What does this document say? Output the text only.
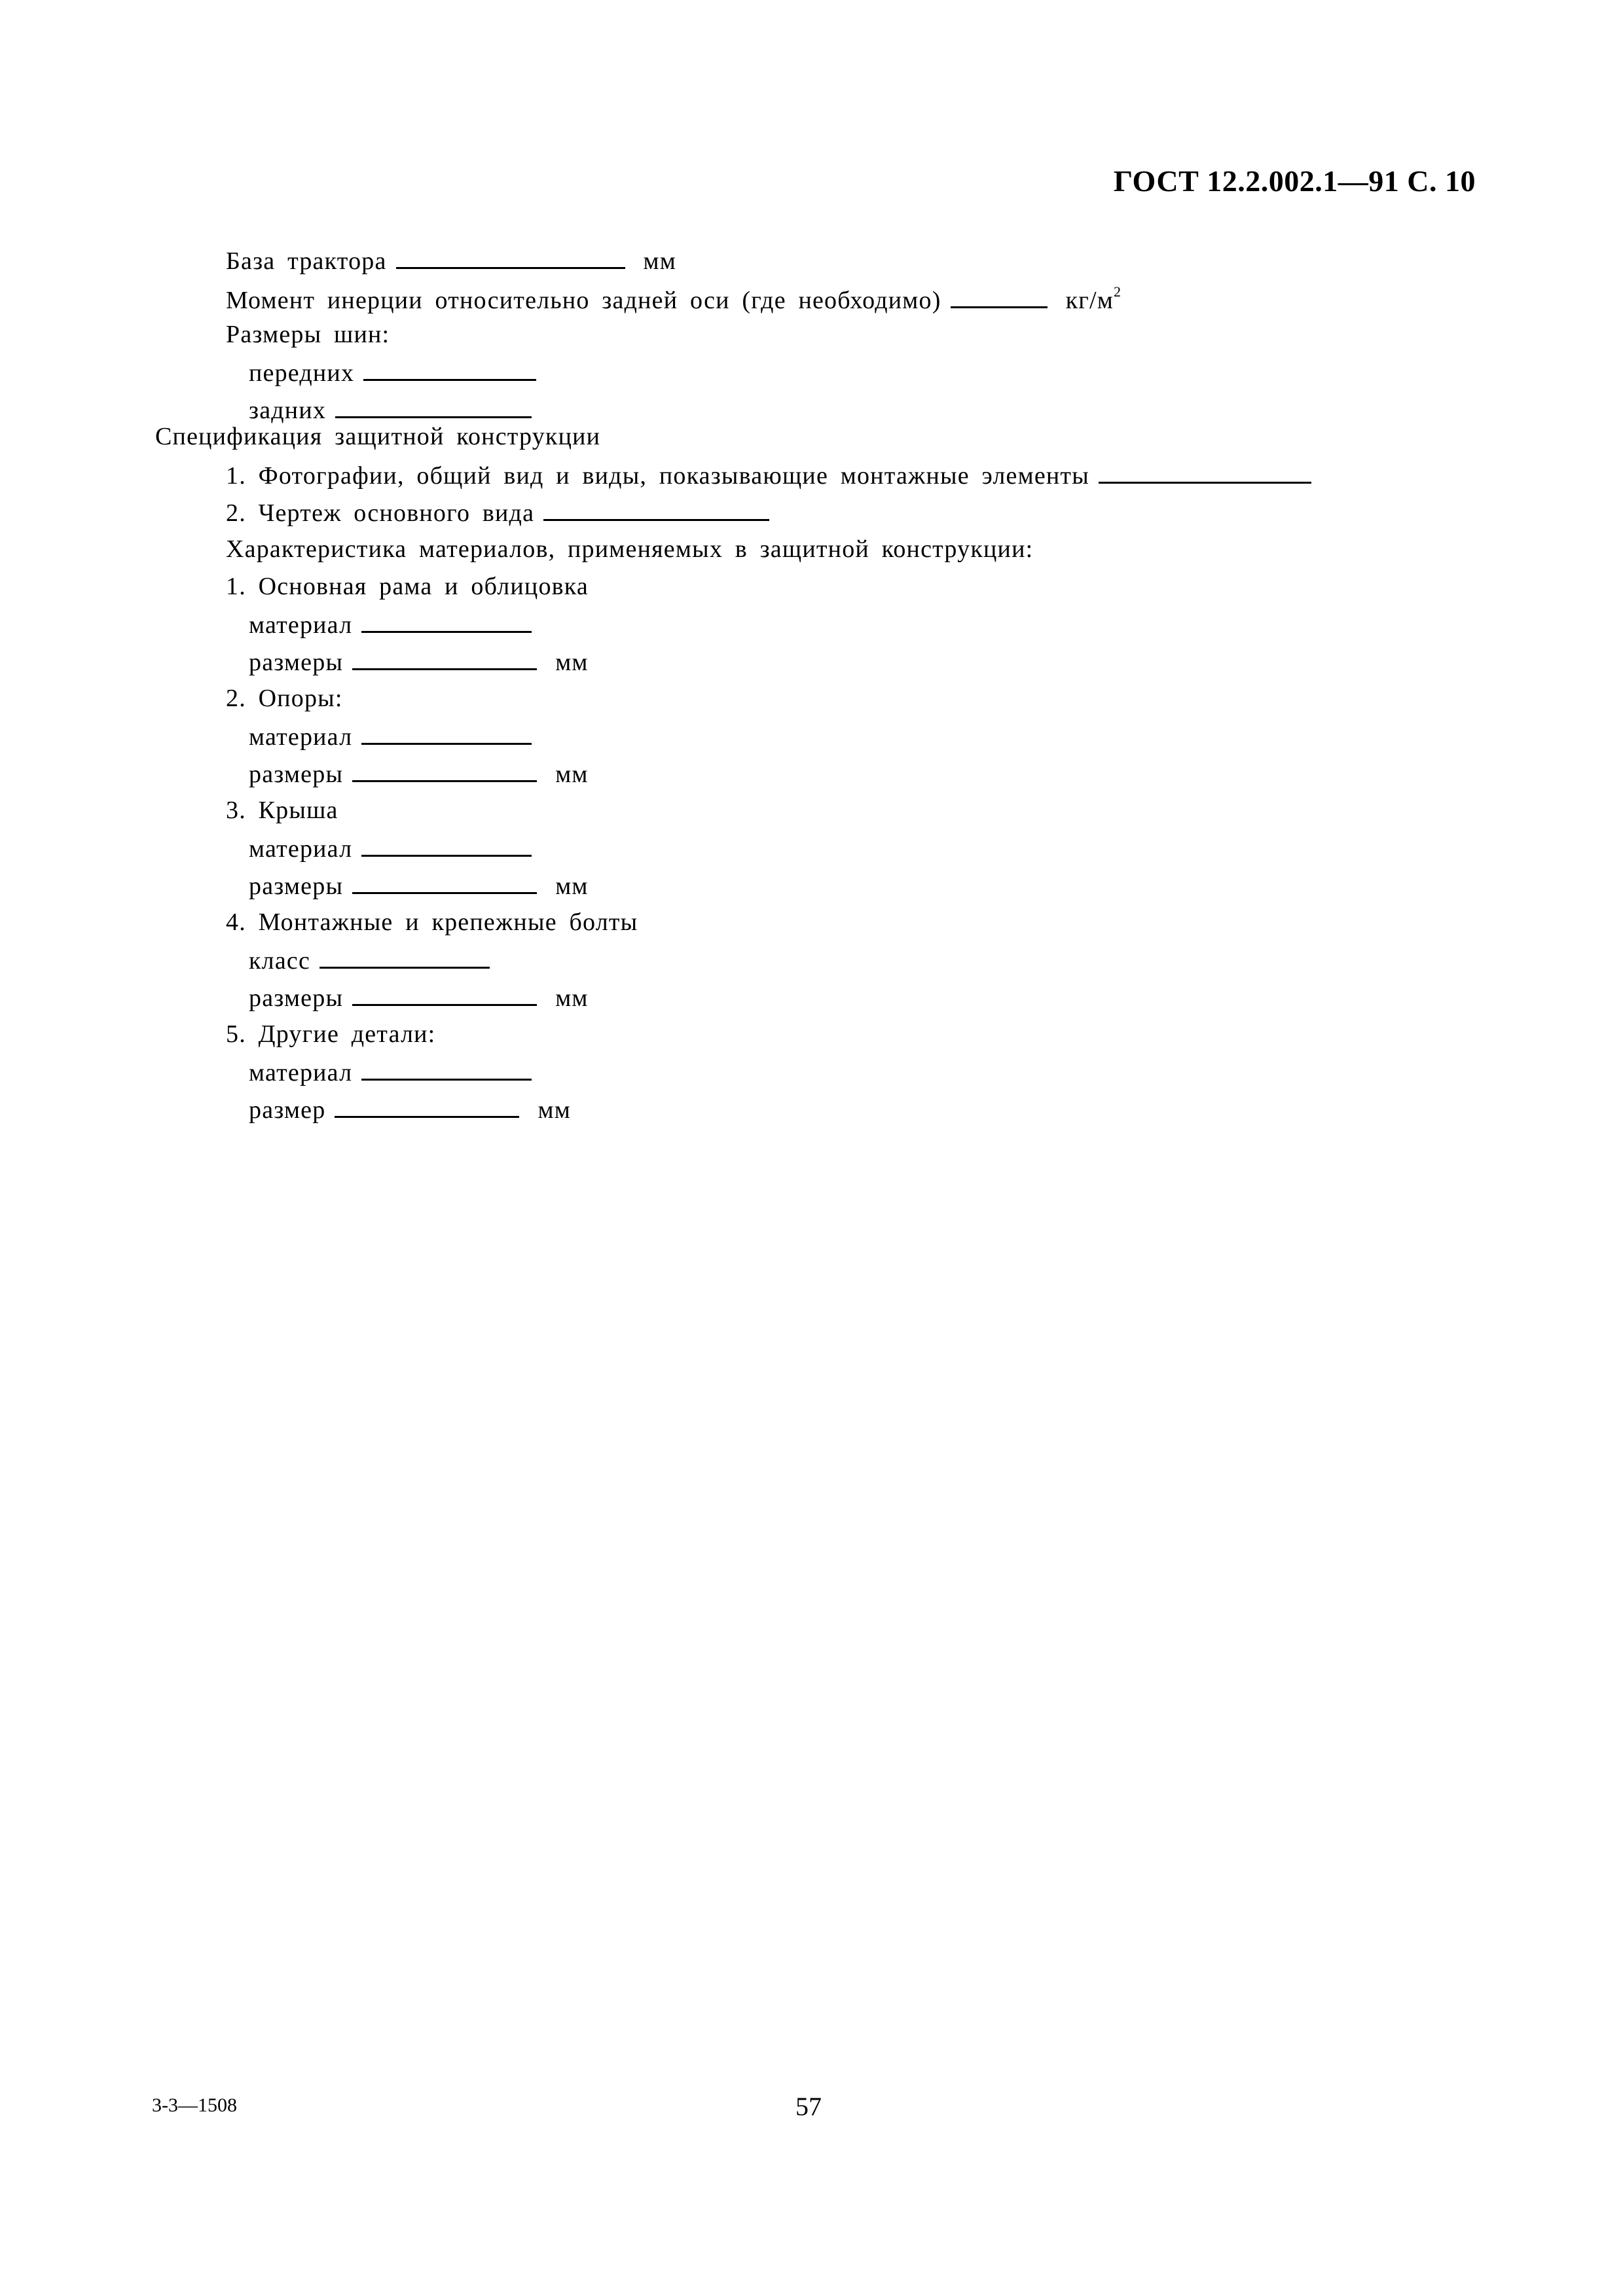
ГОСТ 12.2.002.1—91 С. 10
База трактора	мм
Момент инерции относительно задней оси (где необходимо)	$кг/м^2$
Размеры шин:
передних
задних
Спецификация защитной конструкции
1. Фотографии, общий вид и виды, показывающие монтажные элементы
2. Чертеж основного вида
Характеристика материалов, применяемых в защитной конструкции:
1. Основная рама и облицовка
материал
размеры	мм
2. Опоры:
материал
размеры	мм
3. Крыша
материал
размеры	мм
4. Монтажные и крепежные болты
класс
размеры	мм
5. Другие детали:
материал
размер	мм
3-3—1508	57
